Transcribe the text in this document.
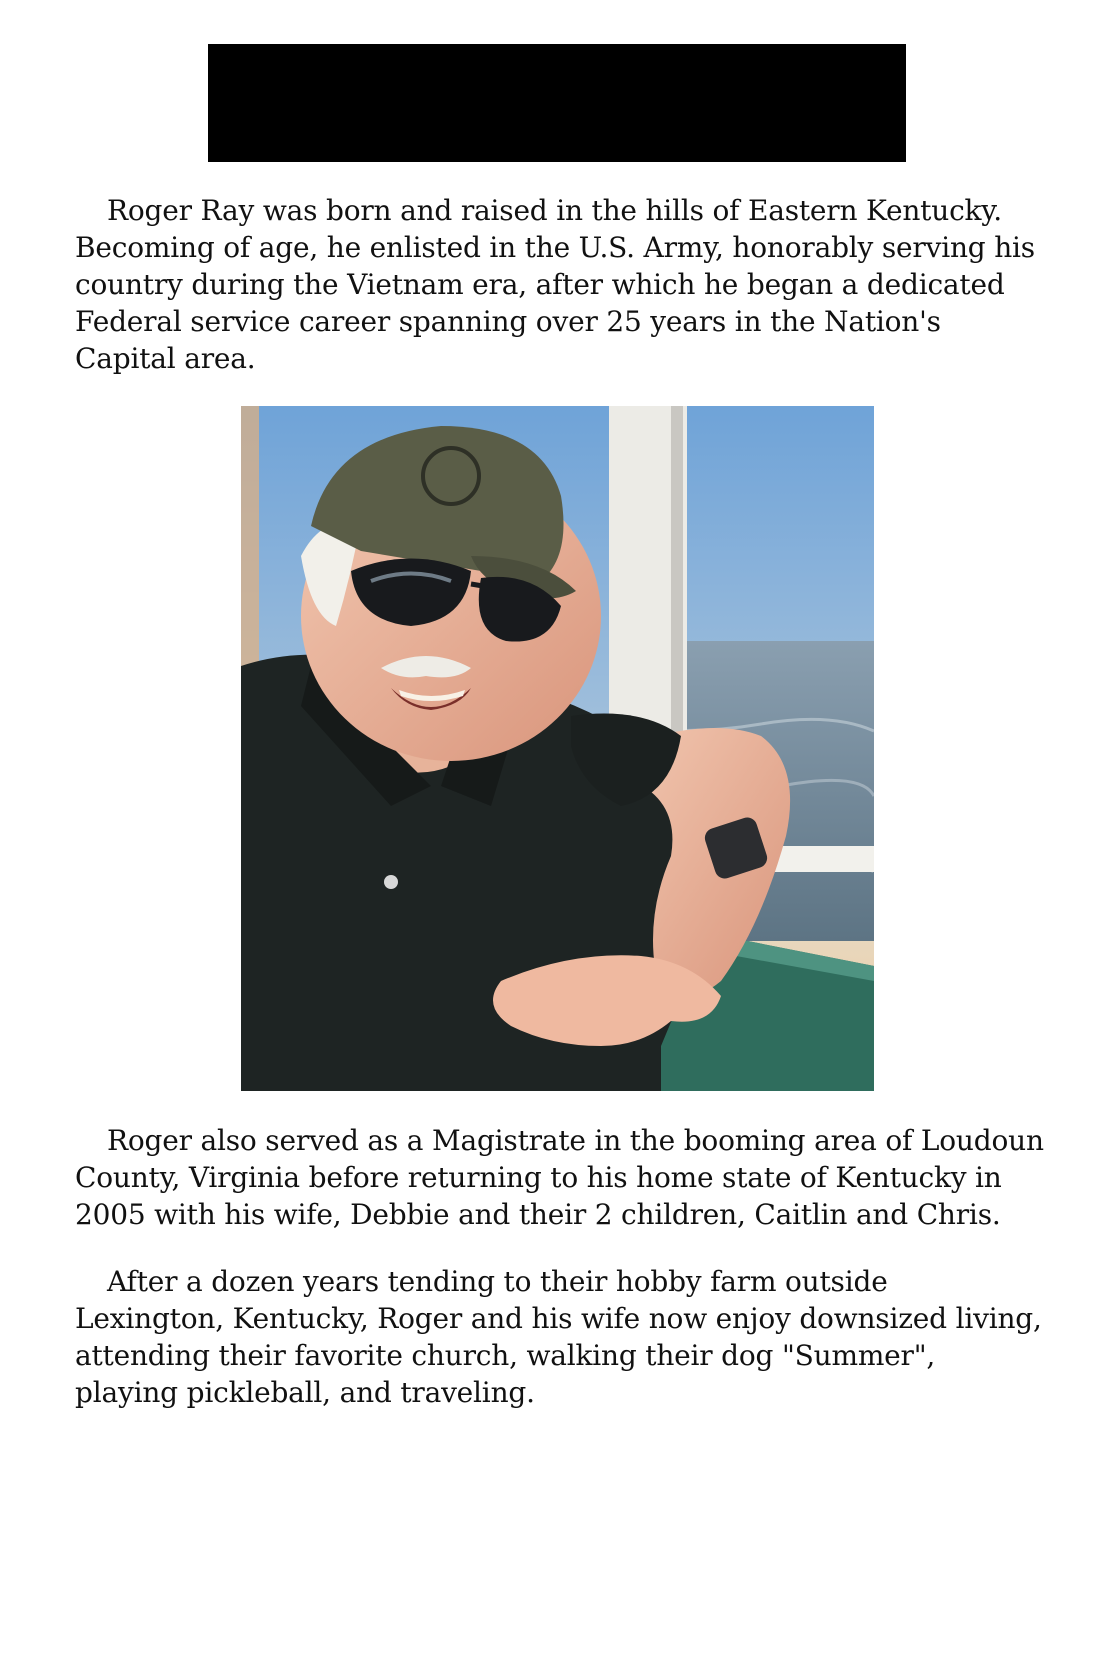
Roger Ray was born and raised in the hills of Eastern Kentucky. Becoming of age, he enlisted in the U.S. Army, honorably serving his country during the Vietnam era, after which he began a dedicated Federal service career spanning over 25 years in the Nation's Capital area.

Roger also served as a Magistrate in the booming area of Loudoun County, Virginia before returning to his home state of Kentucky in 2005 with his wife, Debbie and their 2 children, Caitlin and Chris.

After a dozen years tending to their hobby farm outside Lexington, Kentucky, Roger and his wife now enjoy downsized living, attending their favorite church, walking their dog "Summer", playing pickleball, and traveling.
